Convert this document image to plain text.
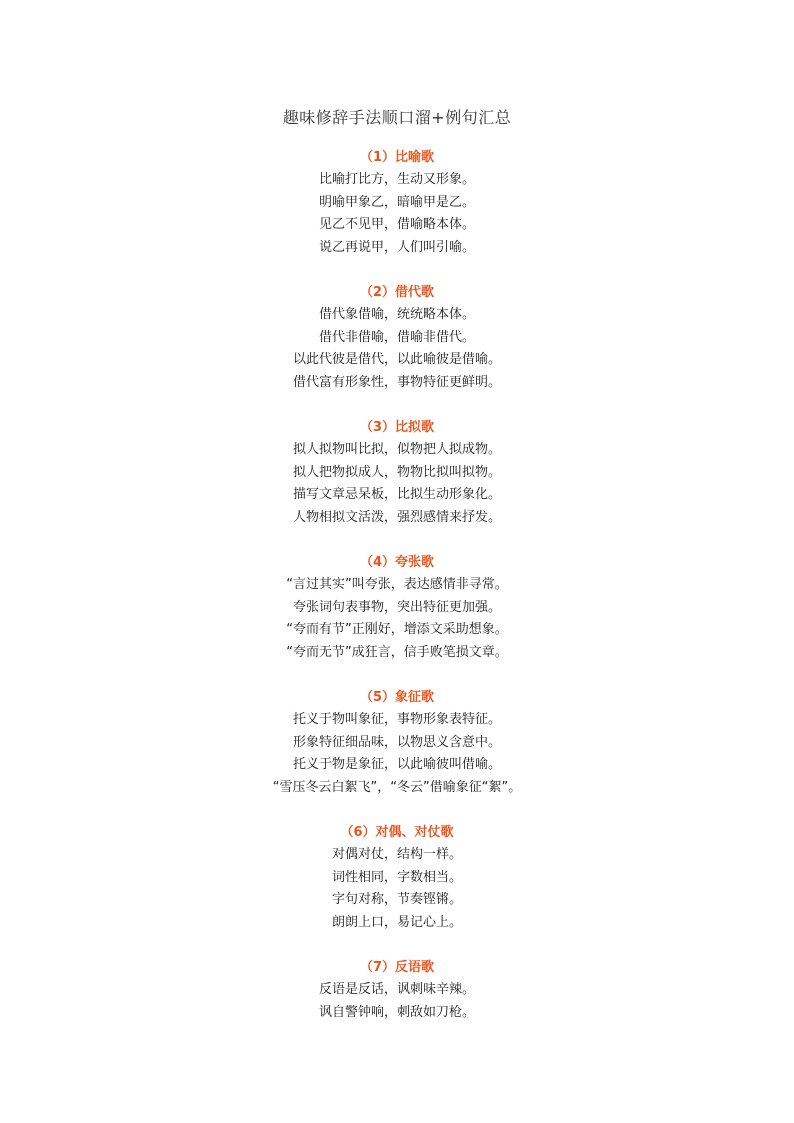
趣味修辞手法顺口溜+例句汇总
（1）比喻歌
比喻打比方，生动又形象。
明喻甲象乙，暗喻甲是乙。
见乙不见甲，借喻略本体。
说乙再说甲，人们叫引喻。
（2）借代歌
借代象借喻，统统略本体。
借代非借喻，借喻非借代。
以此代彼是借代，以此喻彼是借喻。
借代富有形象性，事物特征更鲜明。
（3）比拟歌
拟人拟物叫比拟，似物把人拟成物。
拟人把物拟成人，物物比拟叫拟物。
描写文章忌呆板，比拟生动形象化。
人物相拟文活泼，强烈感情来抒发。
（4）夸张歌
“言过其实”叫夸张，表达感情非寻常。
夸张词句表事物，突出特征更加强。
“夸而有节”正刚好，增添文采助想象。
“夸而无节”成狂言，信手败笔损文章。
（5）象征歌
托义于物叫象征，事物形象表特征。
形象特征细品味，以物思义含意中。
托义于物是象征，以此喻彼叫借喻。
“雪压冬云白絮飞”，“冬云”借喻象征“絮”。
（6）对偶、对仗歌
对偶对仗，结构一样。
词性相同，字数相当。
字句对称，节奏铿锵。
朗朗上口，易记心上。
（7）反语歌
反语是反话，讽刺味辛辣。
讽自警钟响，刺敌如刀枪。
